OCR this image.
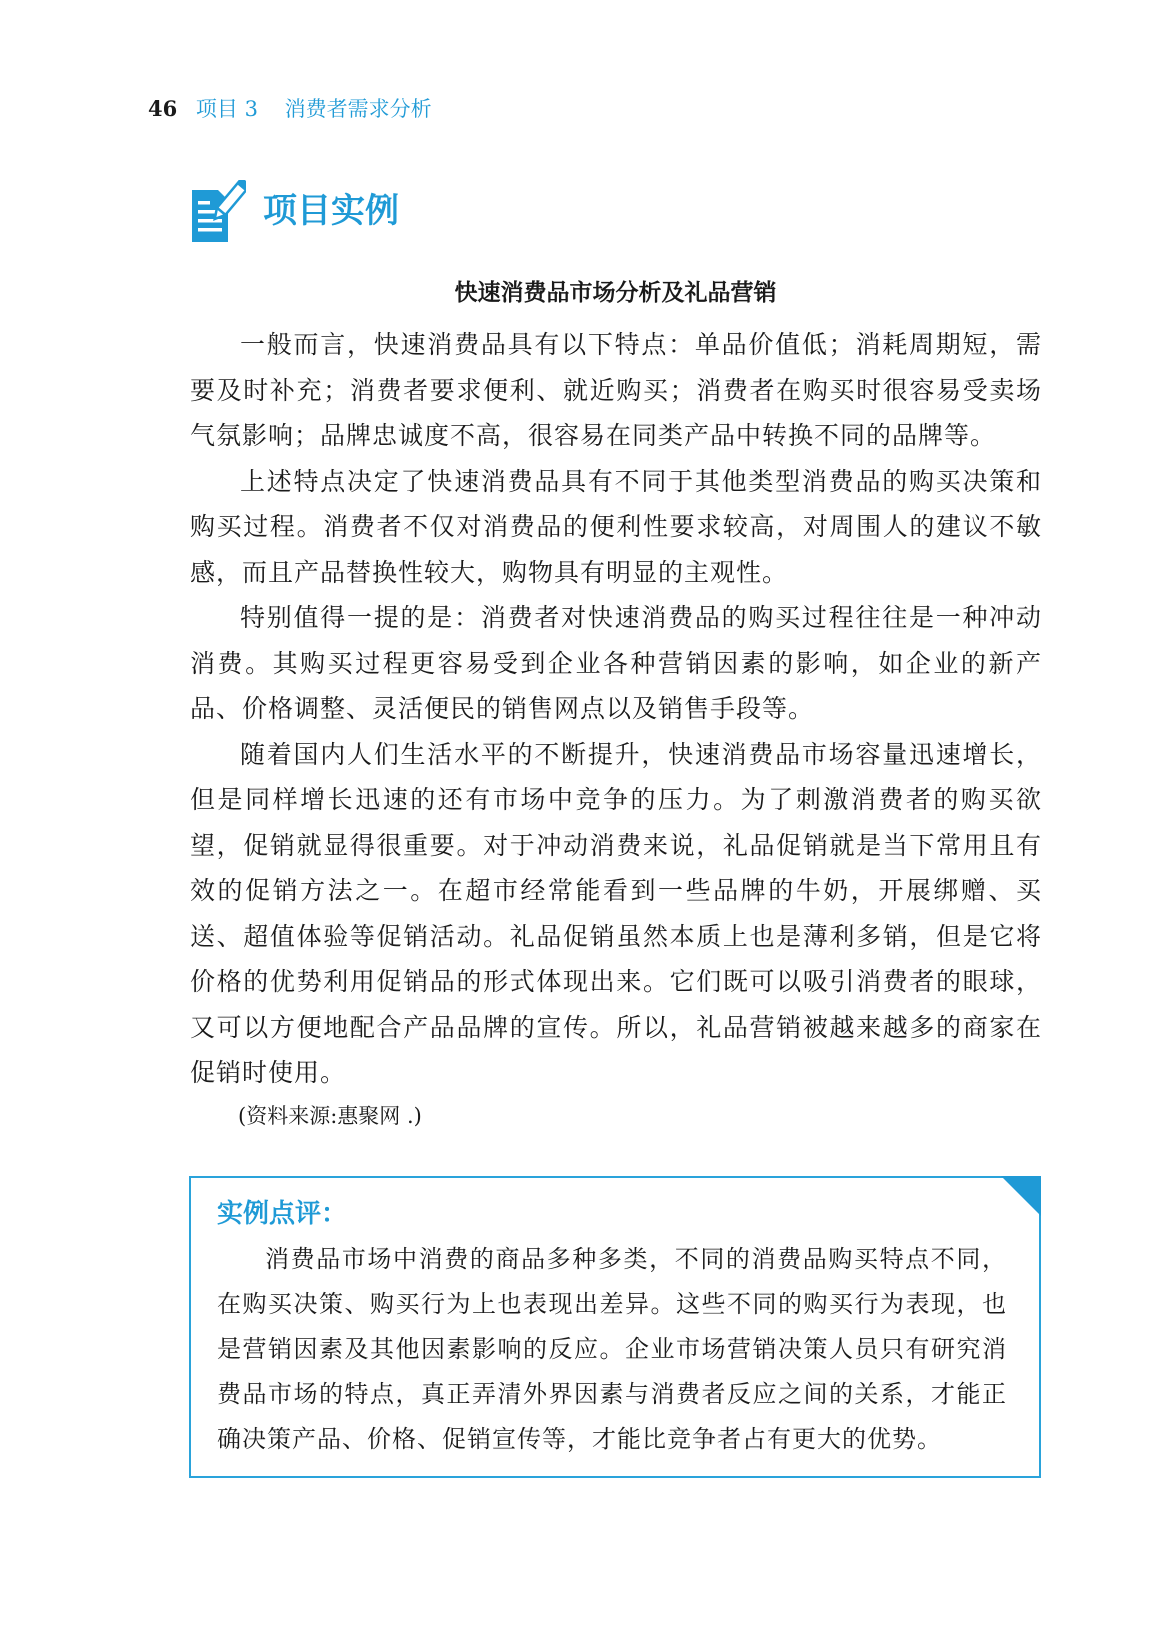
46 项目 3 消费者需求分析
项目实例
快速消费品市场分析及礼品营销

一般而言，快速消费品具有以下特点：单品价值低；消耗周期短，需要及时补充；消费者要求便利、就近购买；消费者在购买时很容易受卖场气氛影响；品牌忠诚度不高，很容易在同类产品中转换不同的品牌等。

上述特点决定了快速消费品具有不同于其他类型消费品的购买决策和购买过程。消费者不仅对消费品的便利性要求较高，对周围人的建议不敏感，而且产品替换性较大，购物具有明显的主观性。

特别值得一提的是：消费者对快速消费品的购买过程往往是一种冲动消费。其购买过程更容易受到企业各种营销因素的影响，如企业的新产品、价格调整、灵活便民的销售网点以及销售手段等。

随着国内人们生活水平的不断提升，快速消费品市场容量迅速增长，但是同样增长迅速的还有市场中竞争的压力。为了刺激消费者的购买欲望，促销就显得很重要。对于冲动消费来说，礼品促销就是当下常用且有效的促销方法之一。在超市经常能看到一些品牌的牛奶，开展绑赠、买送、超值体验等促销活动。礼品促销虽然本质上也是薄利多销，但是它将价格的优势利用促销品的形式体现出来。它们既可以吸引消费者的眼球，又可以方便地配合产品品牌的宣传。所以，礼品营销被越来越多的商家在促销时使用。

(资料来源:惠聚网 .)
实例点评：

消费品市场中消费的商品多种多类，不同的消费品购买特点不同，在购买决策、购买行为上也表现出差异。这些不同的购买行为表现，也是营销因素及其他因素影响的反应。企业市场营销决策人员只有研究消费品市场的特点，真正弄清外界因素与消费者反应之间的关系，才能正确决策产品、价格、促销宣传等，才能比竞争者占有更大的优势。
